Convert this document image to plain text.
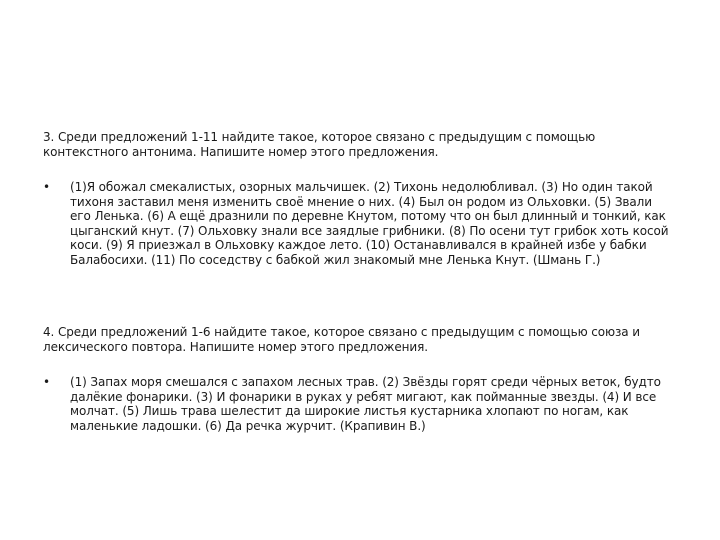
3. Среди предложений 1-11 найдите такое, которое связано с предыдущим с помощью контекстного антонима. Напишите номер этого предложения.

•	(1)Я обожал смекалистых, озорных мальчишек. (2) Тихонь недолюбливал. (3) Но один такой тихоня заставил меня изменить своё мнение о них. (4) Был он родом из Ольховки. (5) Звали его Ленька. (6) А ещё дразнили по деревне Кнутом, потому что он был длинный и тонкий, как цыганский кнут. (7) Ольховку знали все заядлые грибники. (8) По осени тут грибок хоть косой коси. (9) Я приезжал в Ольховку каждое лето. (10) Останавливался в крайней избе у бабки Балабосихи. (11) По соседству с бабкой жил знакомый мне Ленька Кнут. (Шмань Г.)

4. Среди предложений 1-6 найдите такое, которое связано с предыдущим с помощью союза и лексического повтора. Напишите номер этого предложения.

•	(1) Запах моря смешался с запахом лесных трав. (2) Звёзды горят среди чёрных веток, будто далёкие фонарики. (3) И фонарики в руках у ребят мигают, как пойманные звезды. (4) И все молчат. (5) Лишь трава шелестит да широкие листья кустарника хлопают по ногам, как маленькие ладошки. (6) Да речка журчит. (Крапивин В.)
